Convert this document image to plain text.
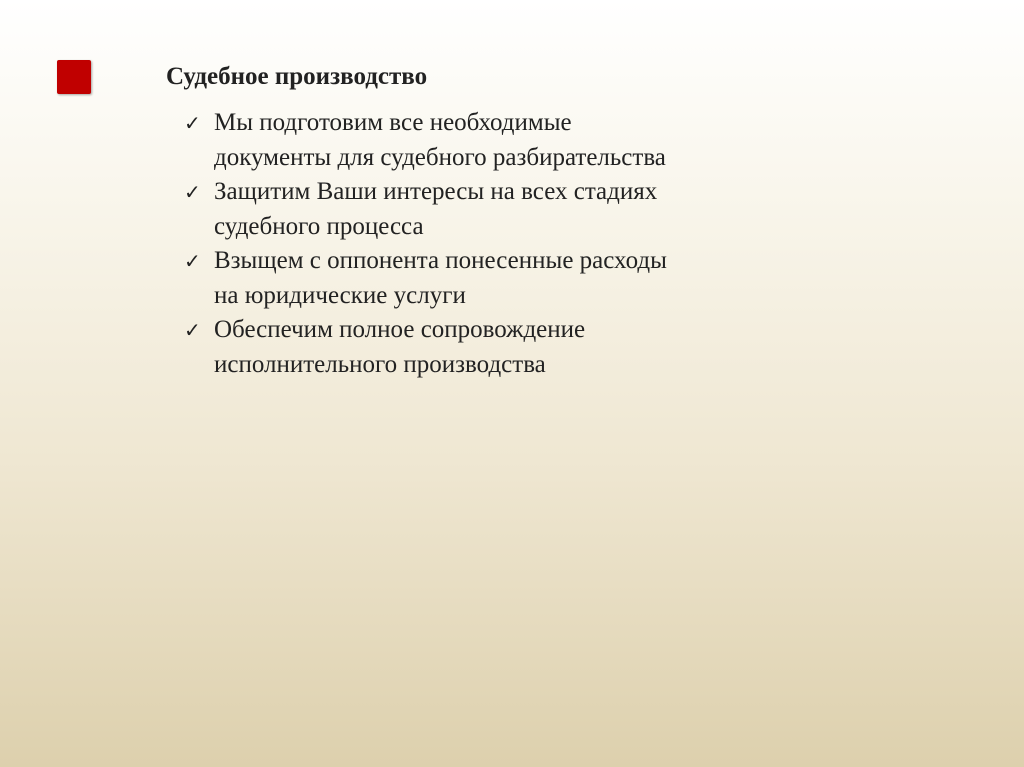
Судебное производство
✓ Мы подготовим все необходимые
документы для судебного разбирательства
✓ Защитим Ваши интересы на всех стадиях
судебного процесса
✓ Взыщем с оппонента понесенные расходы
на юридические услуги
✓ Обеспечим полное сопровождение
исполнительного производства
